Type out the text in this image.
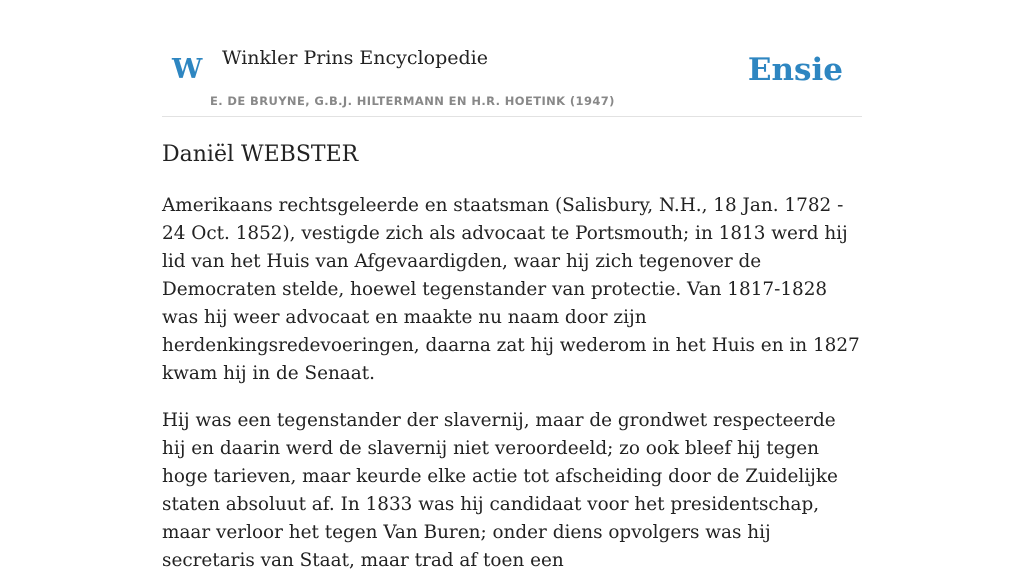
W Winkler Prins Encyclopedie
E. DE BRUYNE, G.B.J. HILTERMANN EN H.R. HOETINK (1947)
Ensie
Daniël WEBSTER

Amerikaans rechtsgeleerde en staatsman (Salisbury, N.H., 18 Jan. 1782 - 24 Oct. 1852), vestigde zich als advocaat te Portsmouth; in 1813 werd hij lid van het Huis van Afgevaardigden, waar hij zich tegenover de Democraten stelde, hoewel tegenstander van protectie. Van 1817-1828 was hij weer advocaat en maakte nu naam door zijn herdenkingsredevoeringen, daarna zat hij wederom in het Huis en in 1827 kwam hij in de Senaat.

Hij was een tegenstander der slavernij, maar de grondwet respecteerde hij en daarin werd de slavernij niet veroordeeld; zo ook bleef hij tegen hoge tarieven, maar keurde elke actie tot afscheiding door de Zuidelijke staten absoluut af. In 1833 was hij candidaat voor het presidentschap, maar verloor het tegen Van Buren; onder diens opvolgers was hij secretaris van Staat, maar trad af toen een
